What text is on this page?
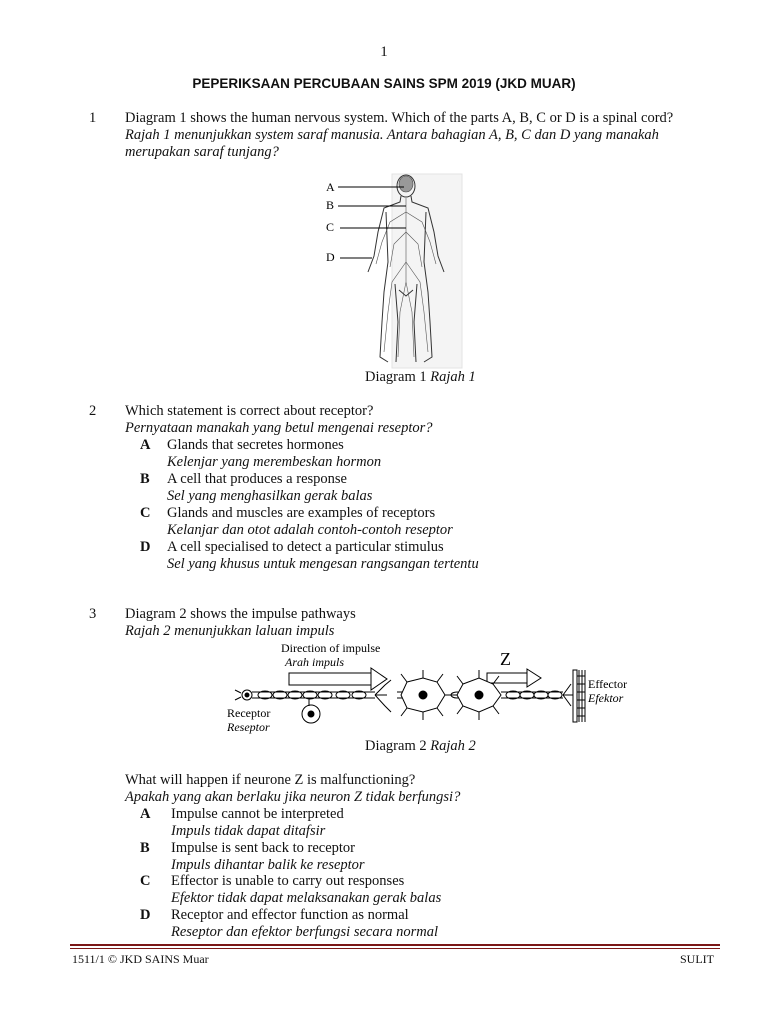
1
PEPERIKSAAN PERCUBAAN SAINS SPM 2019 (JKD MUAR)
1 Diagram 1 shows the human nervous system. Which of the parts A, B, C or D is a spinal cord?
Rajah 1 menunjukkan system saraf manusia. Antara bahagian A, B, C dan D yang manakah
merupakan saraf tunjang?
A
B
C
D
Diagram 1 Rajah 1
2 Which statement is correct about receptor?
Pernyataan manakah yang betul mengenai reseptor?
A Glands that secretes hormones
Kelenjar yang merembeskan hormon
B A cell that produces a response
Sel yang menghasilkan gerak balas
C Glands and muscles are examples of receptors
Kelanjar dan otot adalah contoh-contoh reseptor
D A cell specialised to detect a particular stimulus
Sel yang khusus untuk mengesan rangsangan tertentu
3 Diagram 2 shows the impulse pathways
Rajah 2 menunjukkan laluan impuls
Direction of impulse
Arah impuls	Z
Receptor
Reseptor
Effector
Efektor
Diagram 2 Rajah 2
What will happen if neurone Z is malfunctioning?
Apakah yang akan berlaku jika neuron Z tidak berfungsi?
A Impulse cannot be interpreted
Impuls tidak dapat ditafsir
B Impulse is sent back to receptor
Impuls dihantar balik ke reseptor
C Effector is unable to carry out responses
Efektor tidak dapat melaksanakan gerak balas
D Receptor and effector function as normal
Reseptor dan efektor berfungsi secara normal
1511/1 © JKD SAINS Muar	SULIT
